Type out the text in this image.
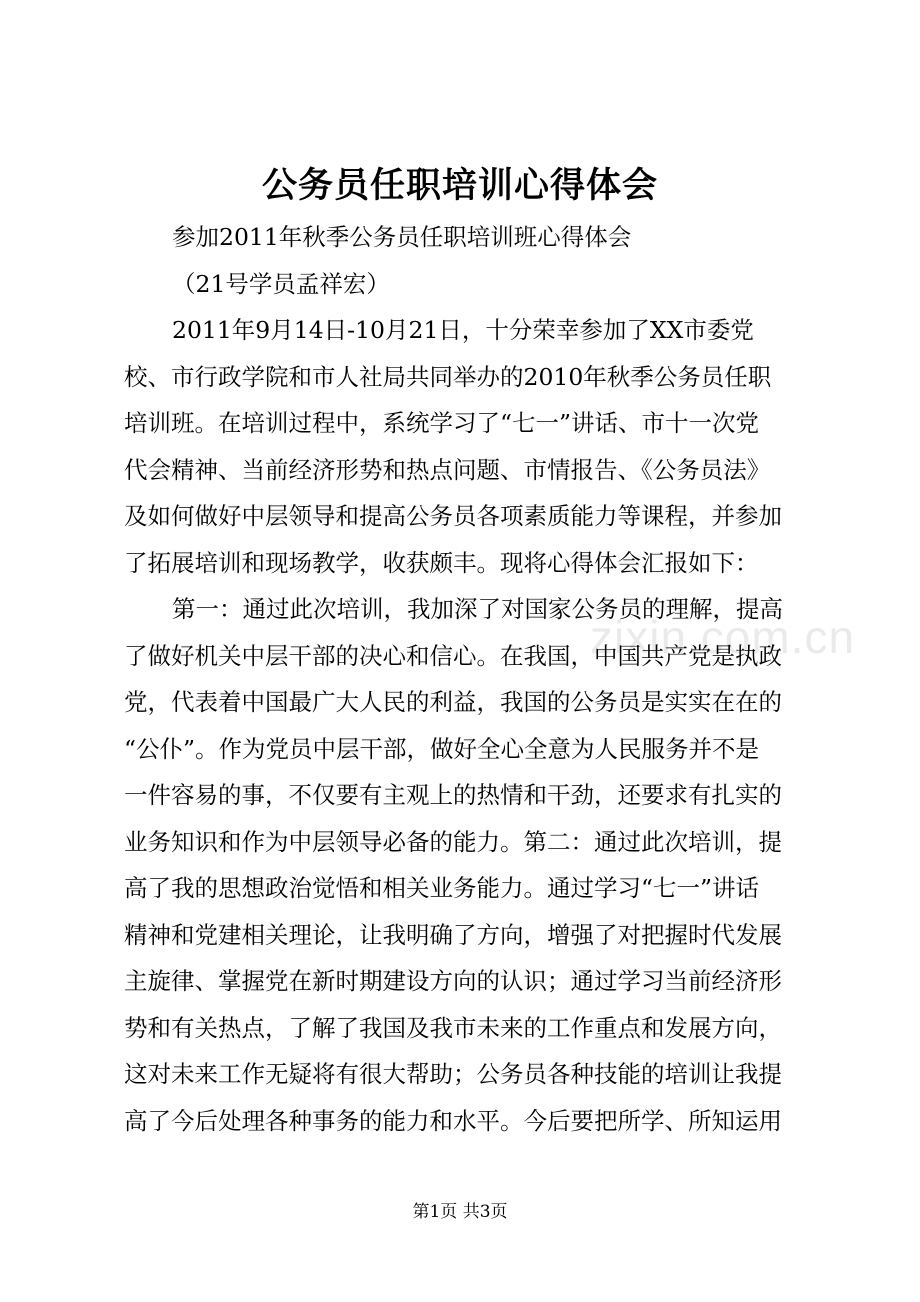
公务员任职培训心得体会
参加2011年秋季公务员任职培训班心得体会
（21号学员孟祥宏）
2011年9月14日-10月21日，十分荣幸参加了XX市委党
校、市行政学院和市人社局共同举办的2010年秋季公务员任职
培训班。在培训过程中，系统学习了“七一”讲话、市十一次党
代会精神、当前经济形势和热点问题、市情报告、《公务员法》
及如何做好中层领导和提高公务员各项素质能力等课程，并参加
了拓展培训和现场教学，收获颇丰。现将心得体会汇报如下：
第一：通过此次培训，我加深了对国家公务员的理解，提高
了做好机关中层干部的决心和信心。在我国，中国共产党是执政
党，代表着中国最广大人民的利益，我国的公务员是实实在在的
“公仆”。作为党员中层干部，做好全心全意为人民服务并不是
一件容易的事，不仅要有主观上的热情和干劲，还要求有扎实的
业务知识和作为中层领导必备的能力。第二：通过此次培训，提
高了我的思想政治觉悟和相关业务能力。通过学习“七一”讲话
精神和党建相关理论，让我明确了方向，增强了对把握时代发展
主旋律、掌握党在新时期建设方向的认识；通过学习当前经济形
势和有关热点，了解了我国及我市未来的工作重点和发展方向，
这对未来工作无疑将有很大帮助；公务员各种技能的培训让我提
高了今后处理各种事务的能力和水平。今后要把所学、所知运用
zixin.com.cn
第1页 共3页
